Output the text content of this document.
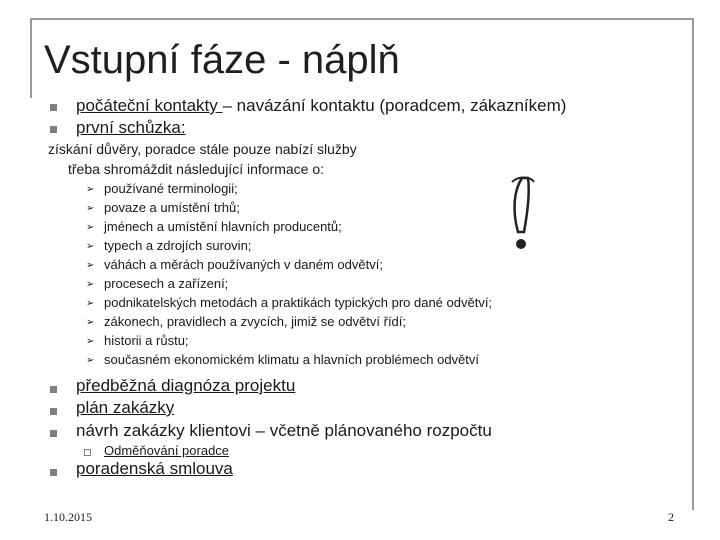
Vstupní fáze - náplň
počáteční kontakty – navázání kontaktu (poradcem, zákazníkem)
první schůzka:
získání důvěry, poradce stále pouze nabízí služby
třeba shromáždit následující informace o:
➢ používané terminologii;
➢ povaze a umístění trhů;
➢ jménech a umístění hlavních producentů;
➢ typech a zdrojích surovin;
➢ váhách a měrách používaných v daném odvětví;
➢ procesech a zařízení;
➢ podnikatelských metodách a praktikách typických pro dané odvětví;
➢ zákonech, pravidlech a zvycích, jimiž se odvětví řídí;
➢ historii a růstu;
➢ současném ekonomickém klimatu a hlavních problémech odvětví
předběžná diagnóza projektu
plán zakázky
návrh zakázky klientovi – včetně plánovaného rozpočtu
Odměňování poradce
poradenská smlouva
1.10.2015	2
